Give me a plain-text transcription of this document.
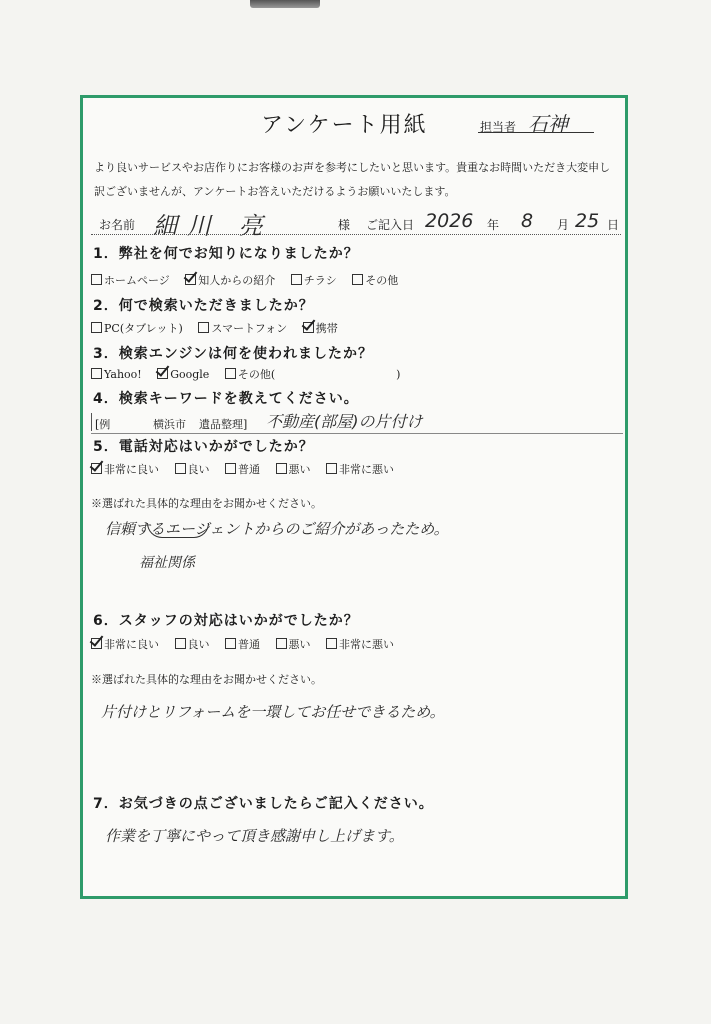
アンケート用紙	担当者 石神
より良いサービスやお店作りにお客様のお声を参考にしたいと思います。貴重なお時間いただき大変申し訳ございませんが、アンケートお答えいただけるようお願いいたします。
お名前 細川 亮	様 ご記入日 2026 年 8 月 25 日
1．弊社を何でお知りになりましたか？
ホームページ	知人からの紹介	チラシ	その他
2．何で検索いただきましたか？
PC(タブレット)	スマートフォン	携帯
3．検索エンジンは何を使われましたか？
Yahoo!	Google	その他(　　　　　　　　　　　)
4．検索キーワードを教えてください。
[例	横浜市 遺品整理] 不動産(部屋)の片付け
5．電話対応はいかがでしたか？
非常に良い	良い	普通	悪い	非常に悪い
※選ばれた具体的な理由をお聞かせください。
信頼するエージェントからのご紹介があったため。
福祉関係
6．スタッフの対応はいかがでしたか？
非常に良い	良い	普通	悪い	非常に悪い
※選ばれた具体的な理由をお聞かせください。
片付けとリフォームを一環してお任せできるため。
7．お気づきの点ございましたらご記入ください。
作業を丁寧にやって頂き感謝申し上げます。
